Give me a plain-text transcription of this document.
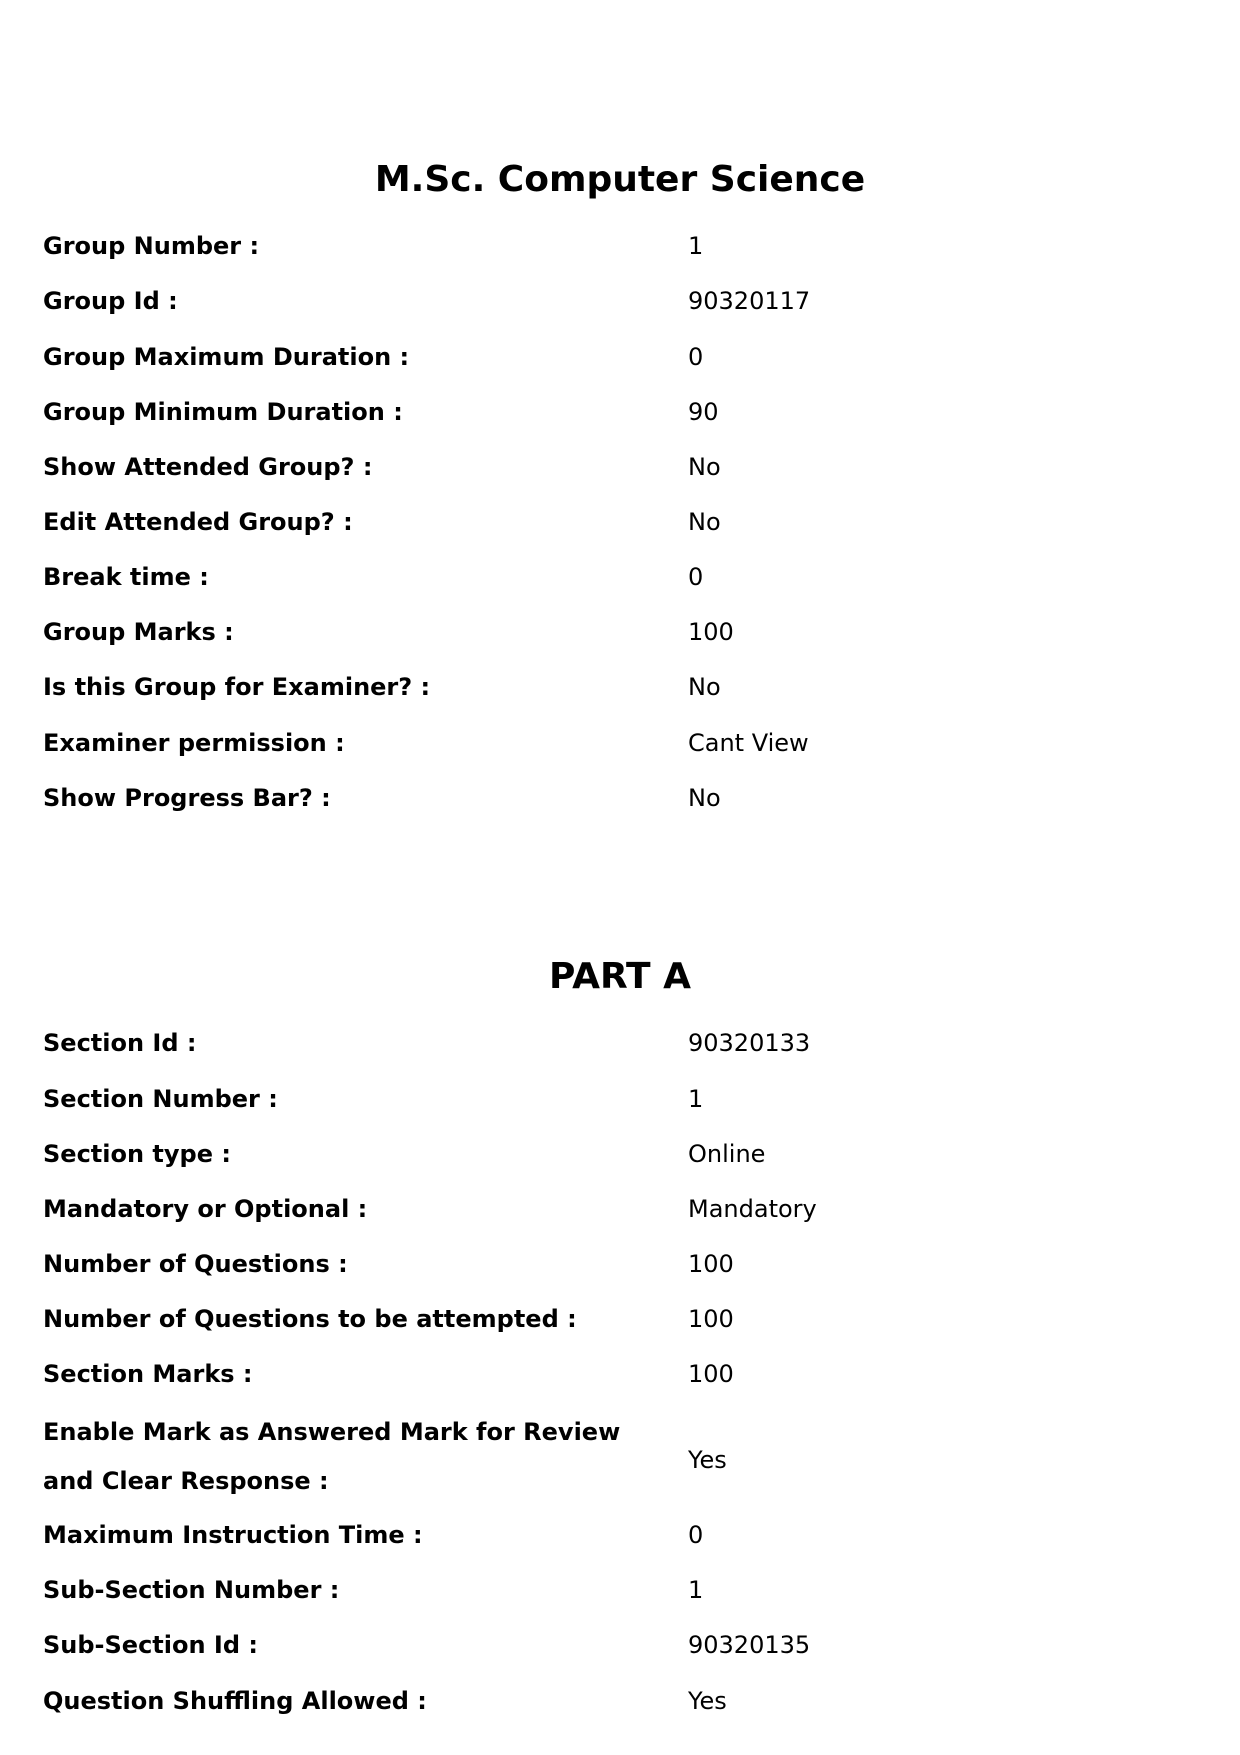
M.Sc. Computer Science
Group Number :	1
Group Id :	90320117
Group Maximum Duration :	0
Group Minimum Duration :	90
Show Attended Group? :	No
Edit Attended Group? :	No
Break time :	0
Group Marks :	100
Is this Group for Examiner? :	No
Examiner permission :	Cant View
Show Progress Bar? :	No
PART A
Section Id :	90320133
Section Number :	1
Section type :	Online
Mandatory or Optional :	Mandatory
Number of Questions :	100
Number of Questions to be attempted :	100
Section Marks :	100
Enable Mark as Answered Mark for Review and Clear Response :
Yes
Maximum Instruction Time :	0
Sub-Section Number :	1
Sub-Section Id :	90320135
Question Shuffling Allowed :	Yes
